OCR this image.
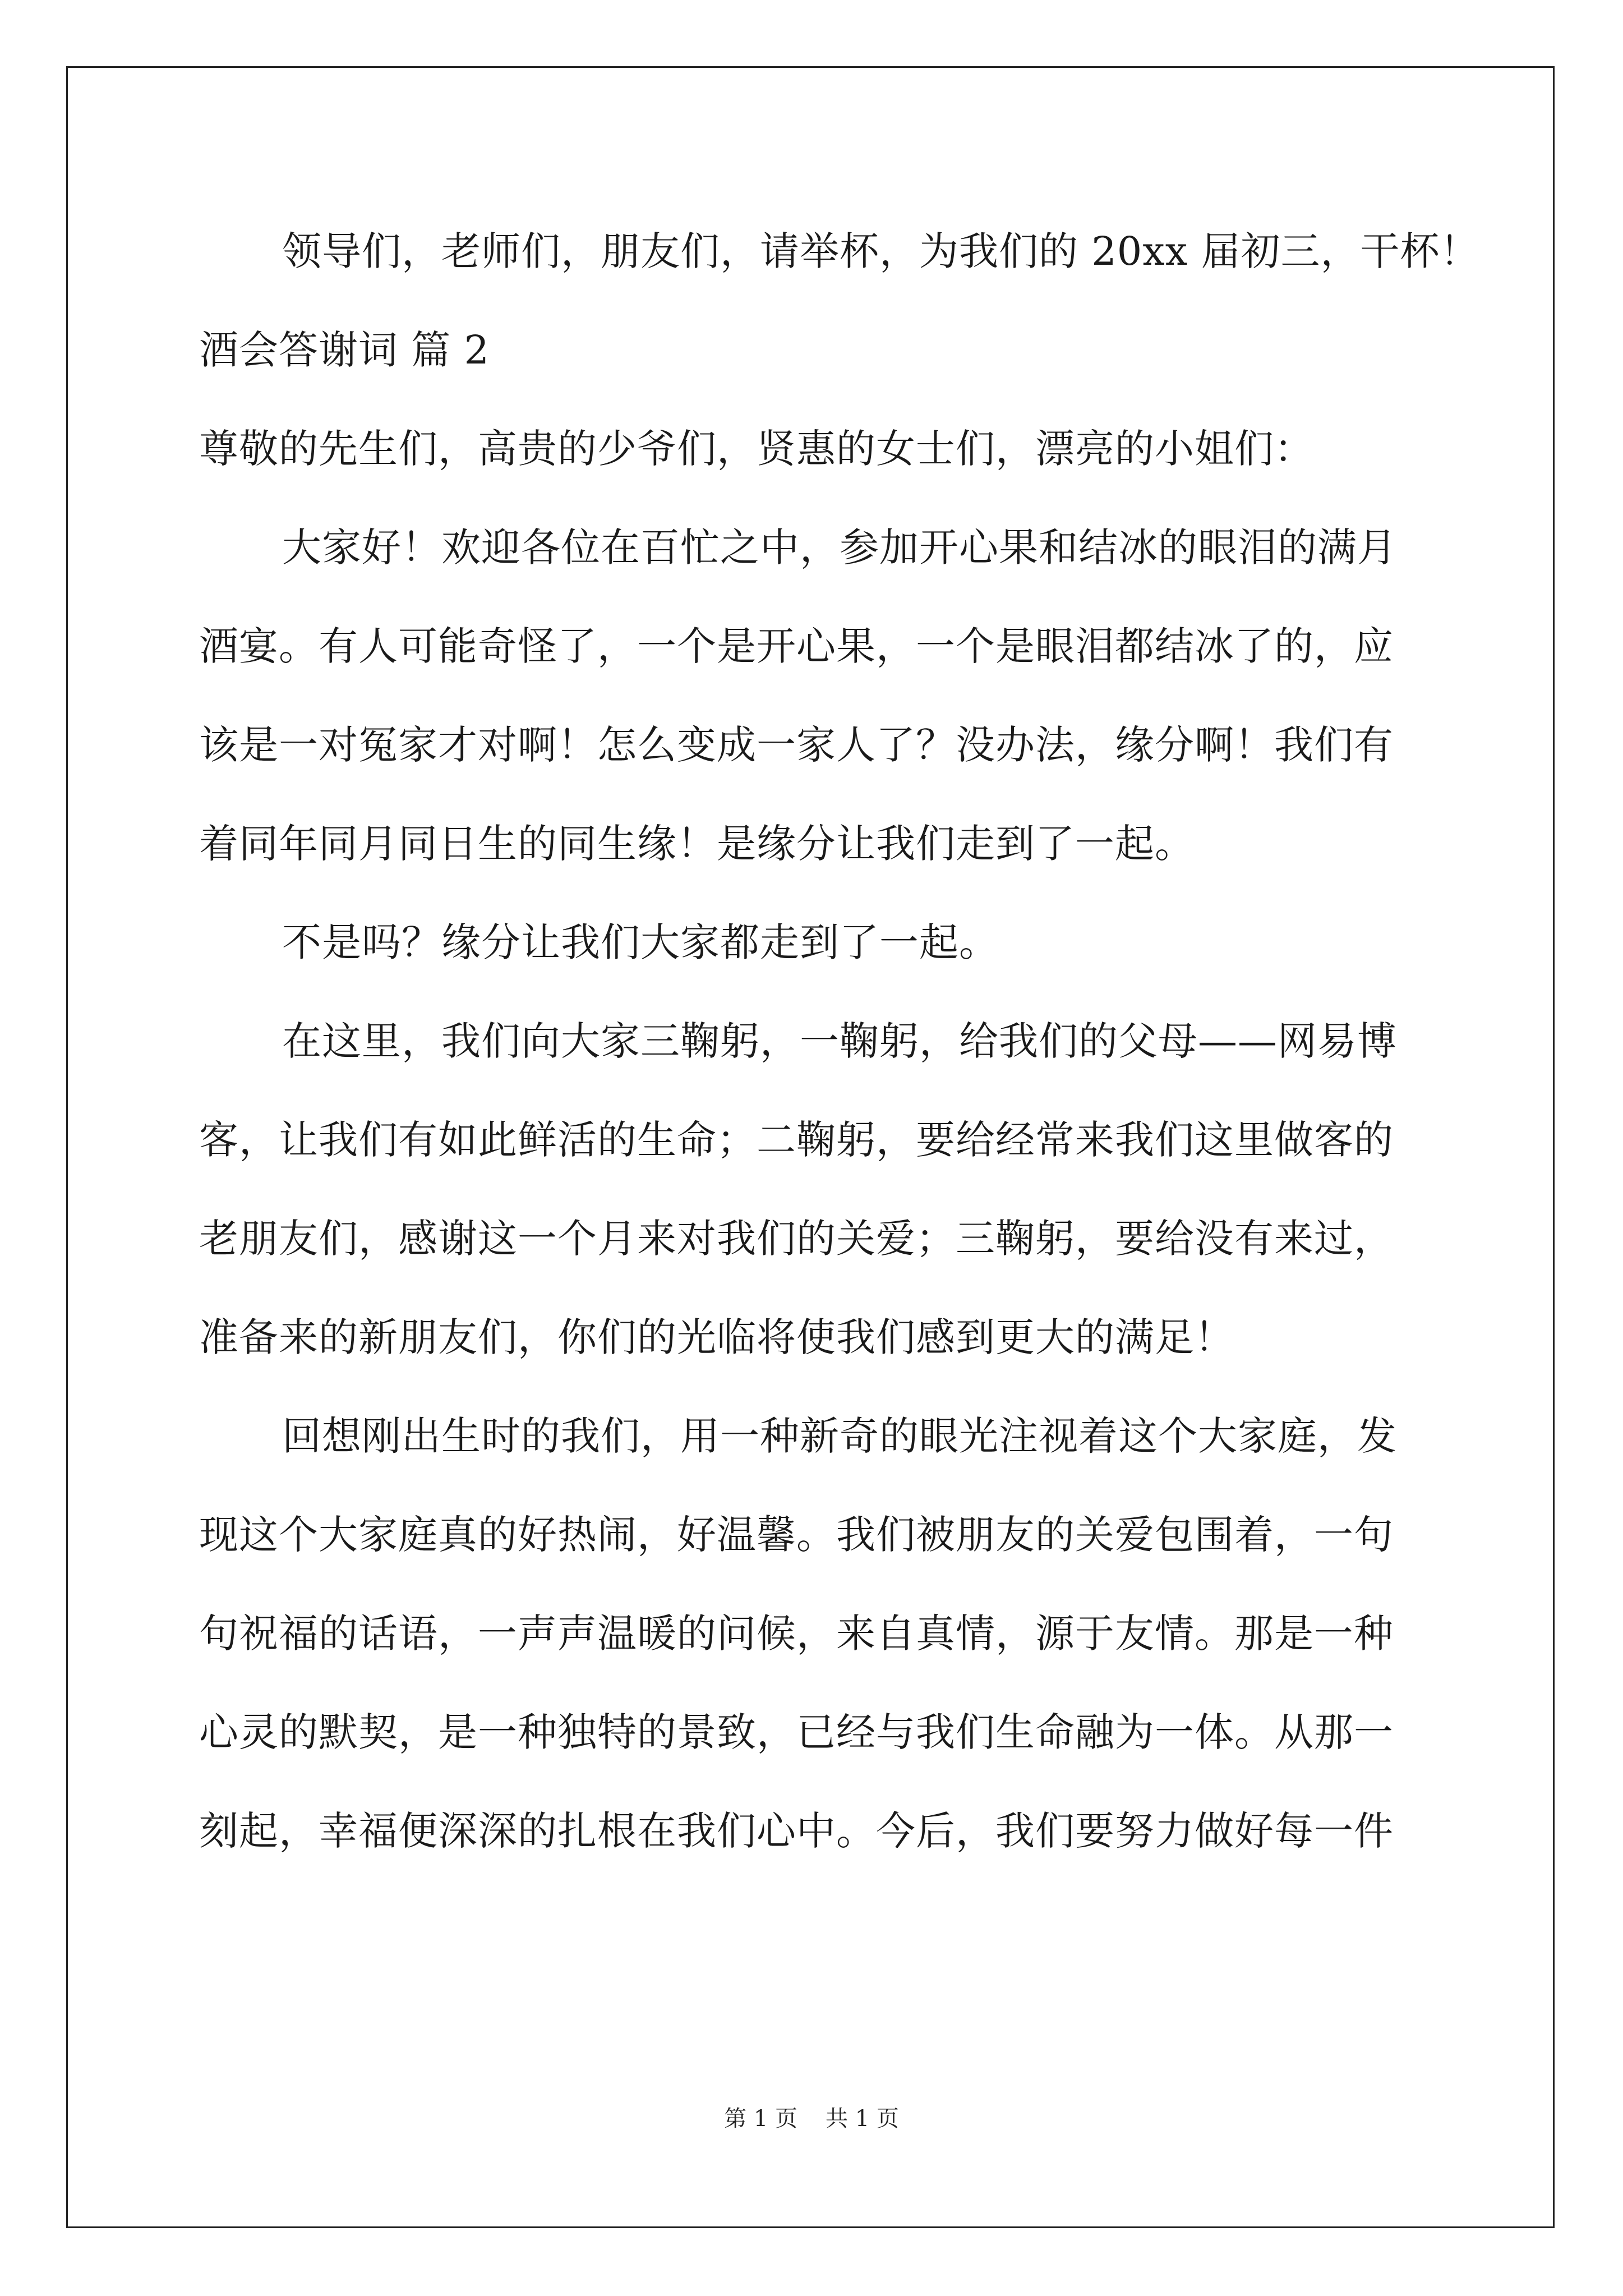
领导们，老师们，朋友们，请举杯，为我们的 20xx 届初三，干杯！
酒会答谢词 篇 2
尊敬的先生们，高贵的少爷们，贤惠的女士们，漂亮的小姐们：
大家好！欢迎各位在百忙之中，参加开心果和结冰的眼泪的满月
酒宴。有人可能奇怪了，一个是开心果，一个是眼泪都结冰了的，应
该是一对冤家才对啊！怎么变成一家人了？没办法，缘分啊！我们有
着同年同月同日生的同生缘！是缘分让我们走到了一起。
不是吗？缘分让我们大家都走到了一起。
在这里，我们向大家三鞠躬，一鞠躬，给我们的父母——网易博
客，让我们有如此鲜活的生命；二鞠躬，要给经常来我们这里做客的
老朋友们，感谢这一个月来对我们的关爱；三鞠躬，要给没有来过，
准备来的新朋友们，你们的光临将使我们感到更大的满足！
回想刚出生时的我们，用一种新奇的眼光注视着这个大家庭，发
现这个大家庭真的好热闹，好温馨。我们被朋友的关爱包围着，一句
句祝福的话语，一声声温暖的问候，来自真情，源于友情。那是一种
心灵的默契，是一种独特的景致，已经与我们生命融为一体。从那一
刻起，幸福便深深的扎根在我们心中。今后，我们要努力做好每一件
第 1 页 共 1 页
